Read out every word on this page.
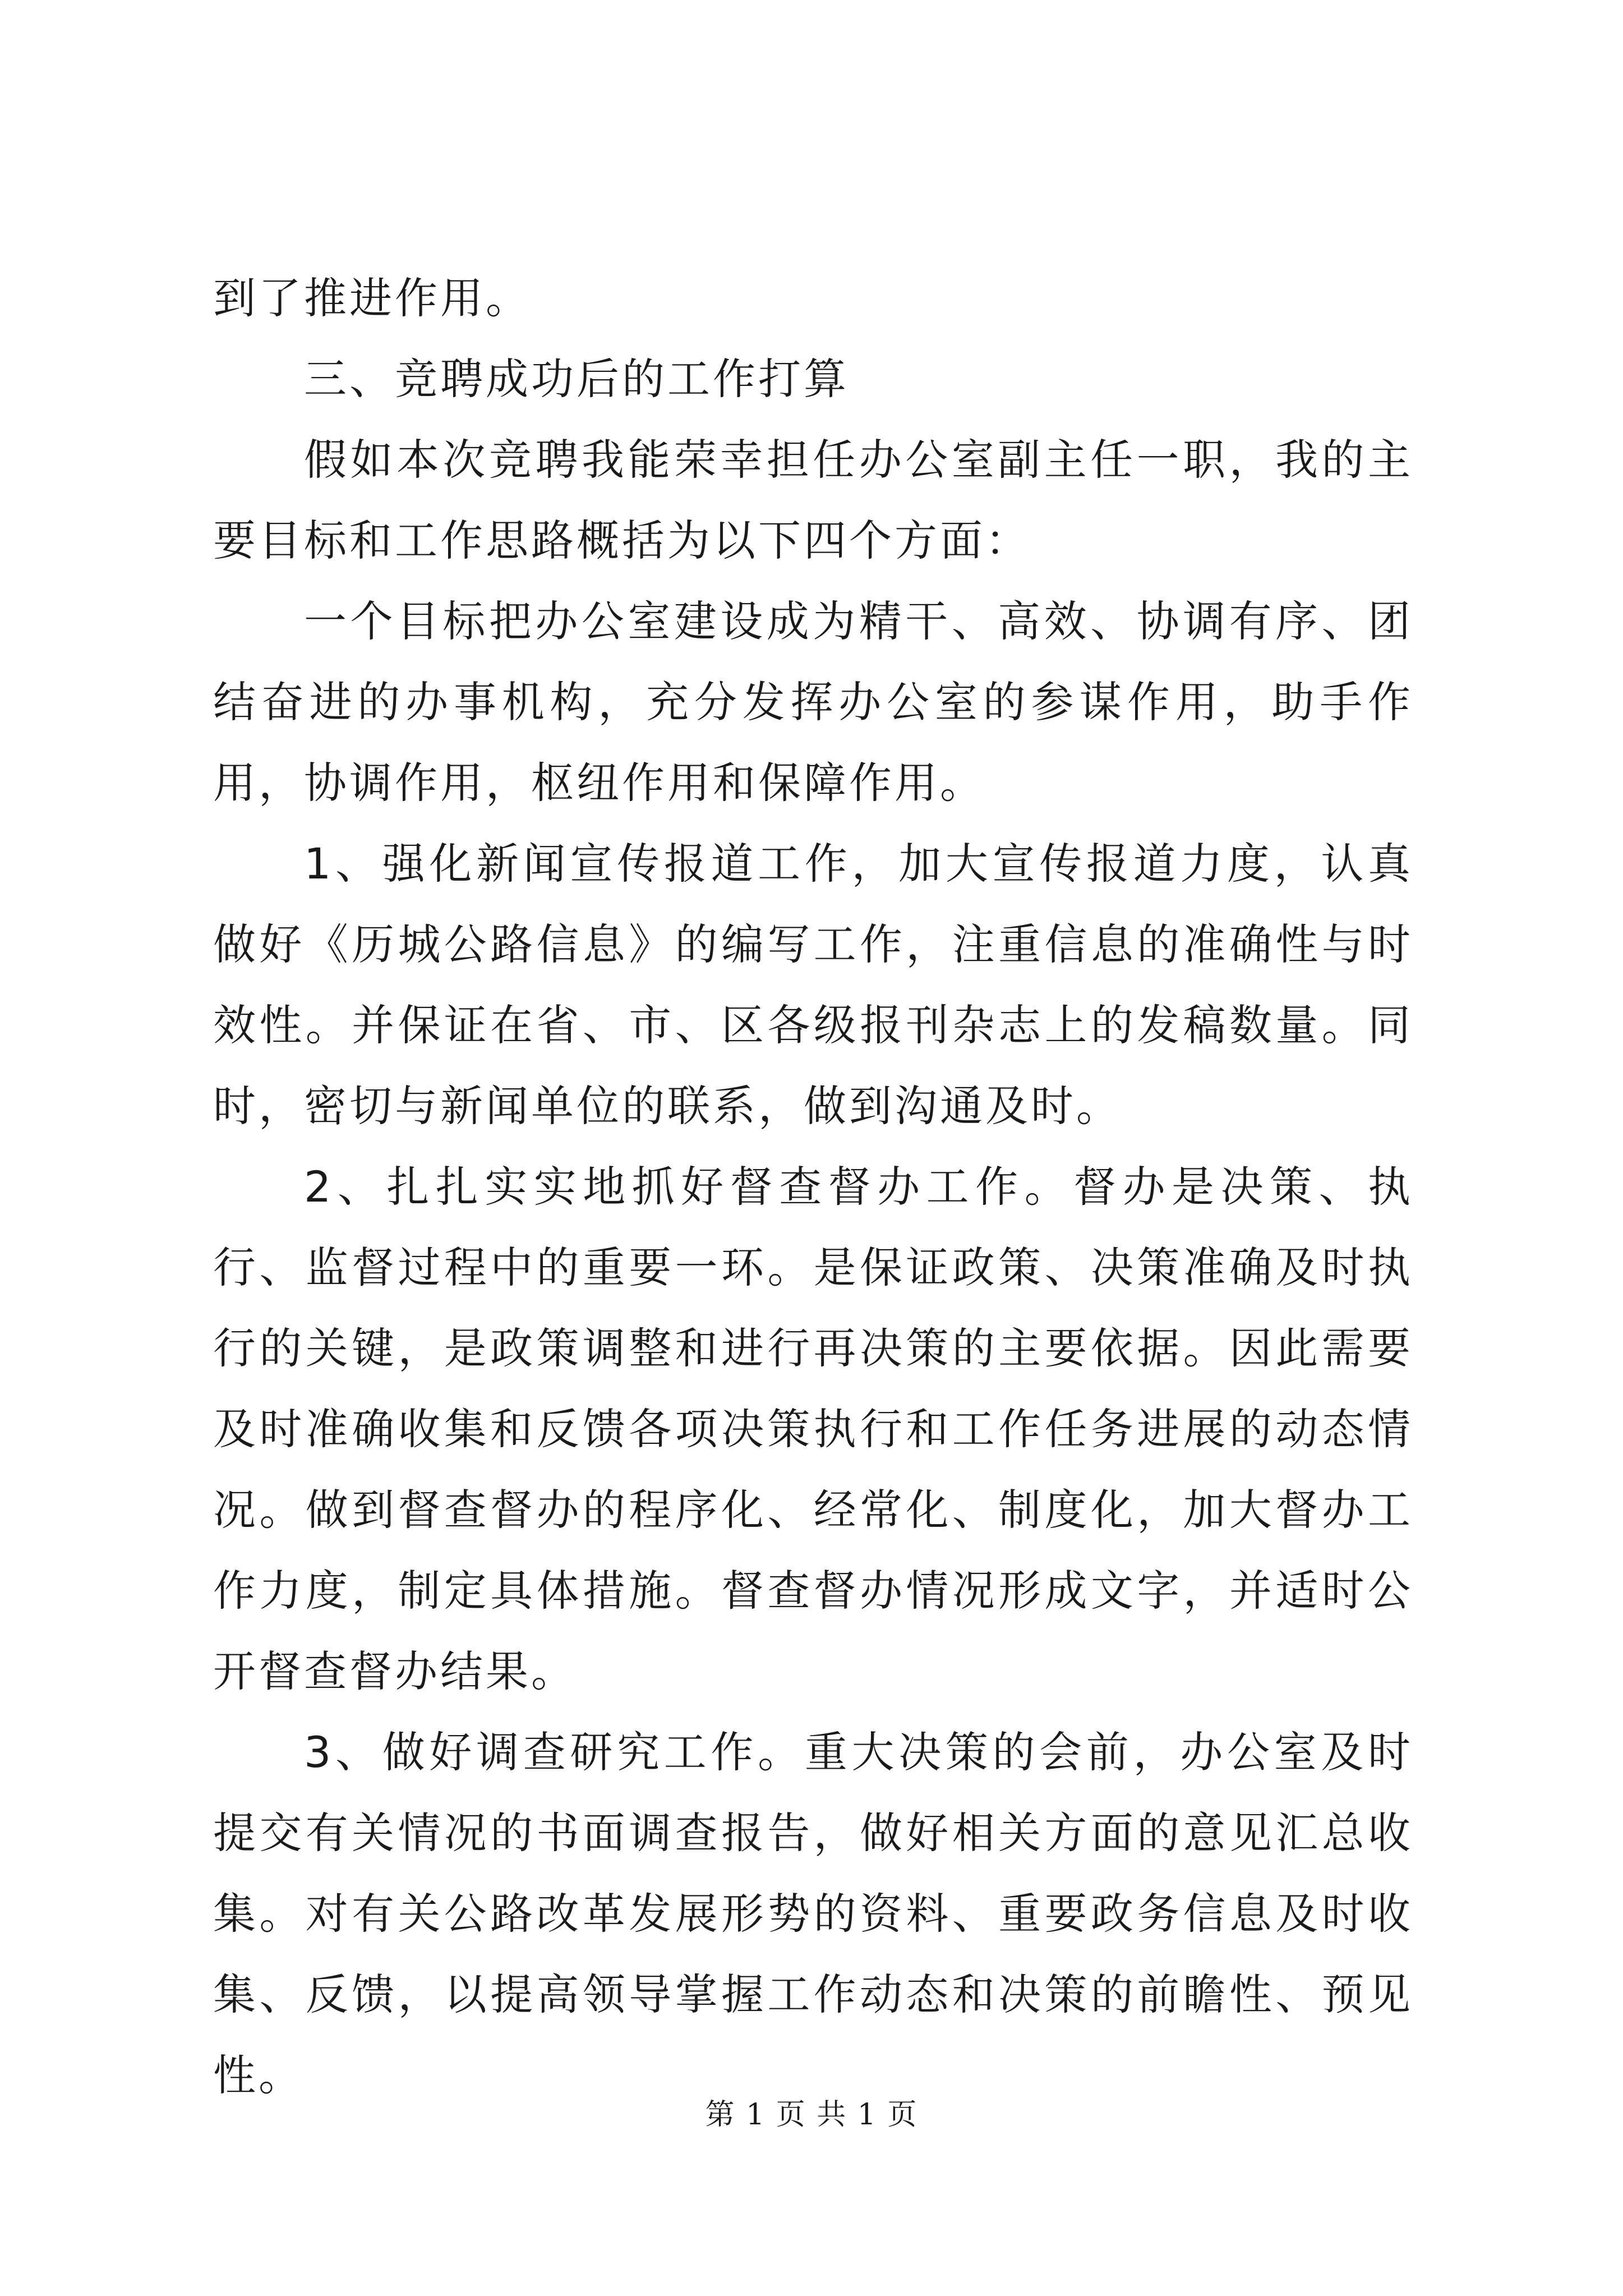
到了推进作用。

三、竞聘成功后的工作打算

假如本次竞聘我能荣幸担任办公室副主任一职，我的主要目标和工作思路概括为以下四个方面：

一个目标把办公室建设成为精干、高效、协调有序、团结奋进的办事机构，充分发挥办公室的参谋作用，助手作用，协调作用，枢纽作用和保障作用。

1、强化新闻宣传报道工作，加大宣传报道力度，认真做好《历城公路信息》的编写工作，注重信息的准确性与时效性。并保证在省、市、区各级报刊杂志上的发稿数量。同时，密切与新闻单位的联系，做到沟通及时。

2、扎扎实实地抓好督查督办工作。督办是决策、执行、监督过程中的重要一环。是保证政策、决策准确及时执行的关键，是政策调整和进行再决策的主要依据。因此需要及时准确收集和反馈各项决策执行和工作任务进展的动态情况。做到督查督办的程序化、经常化、制度化，加大督办工作力度，制定具体措施。督查督办情况形成文字，并适时公开督查督办结果。

3、做好调查研究工作。重大决策的会前，办公室及时提交有关情况的书面调查报告，做好相关方面的意见汇总收集。对有关公路改革发展形势的资料、重要政务信息及时收集、反馈，以提高领导掌握工作动态和决策的前瞻性、预见性。

第 1 页 共 1 页
